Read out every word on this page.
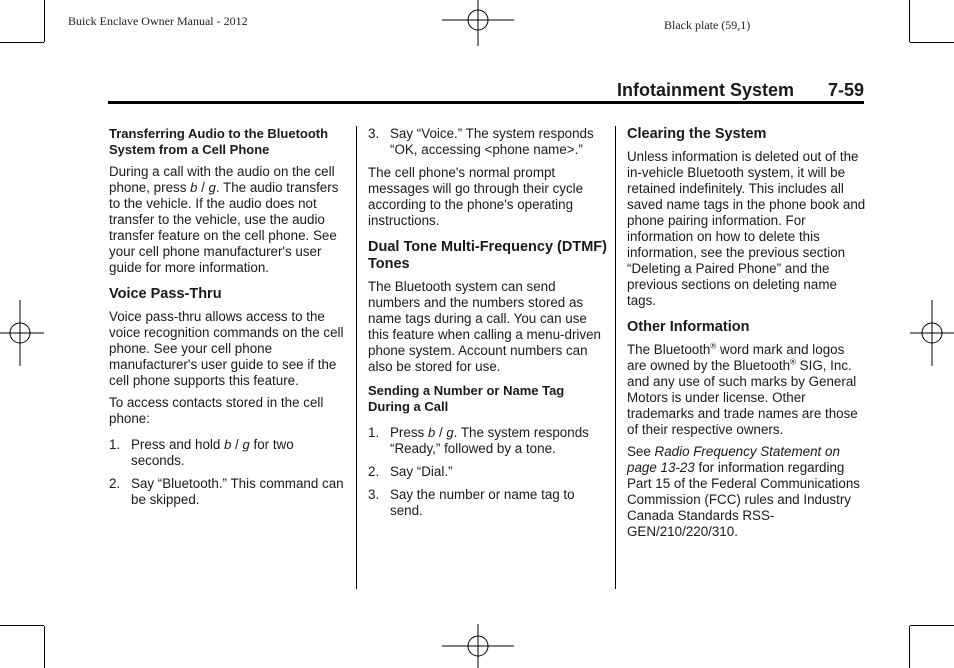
Buick Enclave Owner Manual - 2012	Black plate (59,1)
Infotainment System 7-59
Transferring Audio to the Bluetooth System from a Cell Phone

During a call with the audio on the cell phone, press b / g. The audio transfers to the vehicle. If the audio does not transfer to the vehicle, use the audio transfer feature on the cell phone. See your cell phone manufacturer's user guide for more information.

Voice Pass-Thru

Voice pass-thru allows access to the voice recognition commands on the cell phone. See your cell phone manufacturer's user guide to see if the cell phone supports this feature.

To access contacts stored in the cell phone:

1. Press and hold b / g for two seconds.
2. Say “Bluetooth.” This command can be skipped.
3. Say “Voice.” The system responds “OK, accessing <phone name>.”

The cell phone's normal prompt messages will go through their cycle according to the phone's operating instructions.

Dual Tone Multi-Frequency (DTMF) Tones

The Bluetooth system can send numbers and the numbers stored as name tags during a call. You can use this feature when calling a menu-driven phone system. Account numbers can also be stored for use.

Sending a Number or Name Tag During a Call
1. Press b / g. The system responds “Ready,” followed by a tone.
2. Say “Dial.”
3. Say the number or name tag to send.
Clearing the System

Unless information is deleted out of the in-vehicle Bluetooth system, it will be retained indefinitely. This includes all saved name tags in the phone book and phone pairing information. For information on how to delete this information, see the previous section “Deleting a Paired Phone” and the previous sections on deleting name tags.

Other Information

The Bluetooth® word mark and logos are owned by the Bluetooth® SIG, Inc. and any use of such marks by General Motors is under license. Other trademarks and trade names are those of their respective owners.

See Radio Frequency Statement on page 13‑23 for information regarding Part 15 of the Federal Communications Commission (FCC) rules and Industry Canada Standards RSS-GEN/210/220/310.
